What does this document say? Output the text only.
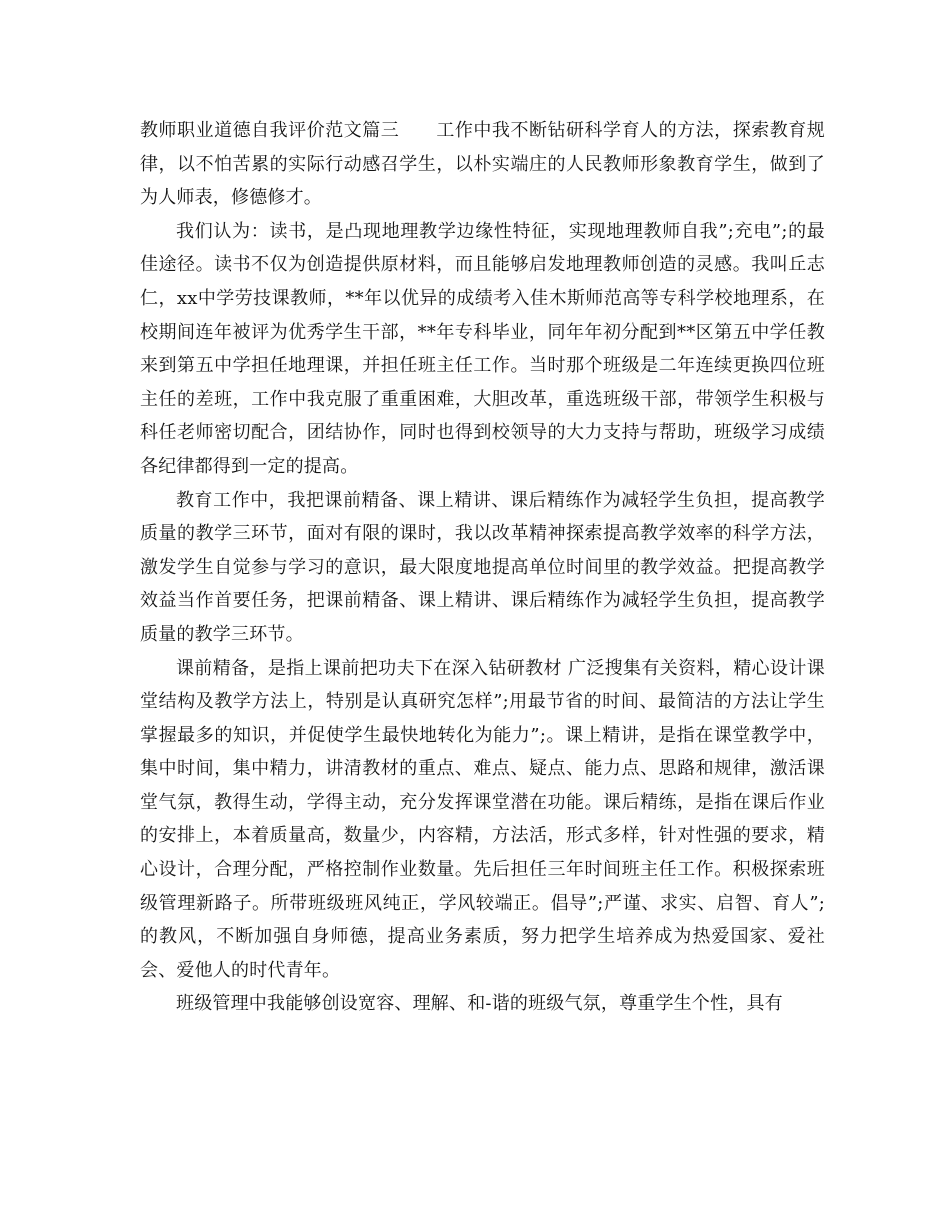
教师职业道德自我评价范文篇三　　工作中我不断钻研科学育人的方法，探索教育规律，以不怕苦累的实际行动感召学生，以朴实端庄的人民教师形象教育学生，做到了为人师表，修德修才。

我们认为：读书，是凸现地理教学边缘性特征，实现地理教师自我”;充电”;的最佳途径。读书不仅为创造提供原材料，而且能够启发地理教师创造的灵感。我叫丘志仁，xx中学劳技课教师，**年以优异的成绩考入佳木斯师范高等专科学校地理系，在校期间连年被评为优秀学生干部，**年专科毕业，同年年初分配到**区第五中学任教来到第五中学担任地理课，并担任班主任工作。当时那个班级是二年连续更换四位班主任的差班，工作中我克服了重重困难，大胆改革，重选班级干部，带领学生积极与科任老师密切配合，团结协作，同时也得到校领导的大力支持与帮助，班级学习成绩各纪律都得到一定的提高。

教育工作中，我把课前精备、课上精讲、课后精练作为减轻学生负担，提高教学质量的教学三环节，面对有限的课时，我以改革精神探索提高教学效率的科学方法，激发学生自觉参与学习的意识，最大限度地提高单位时间里的教学效益。把提高教学效益当作首要任务，把课前精备、课上精讲、课后精练作为减轻学生负担，提高教学质量的教学三环节。

课前精备，是指上课前把功夫下在深入钻研教材 广泛搜集有关资料，精心设计课堂结构及教学方法上，特别是认真研究怎样”;用最节省的时间、最简洁的方法让学生掌握最多的知识，并促使学生最快地转化为能力”;。课上精讲，是指在课堂教学中，集中时间，集中精力，讲清教材的重点、难点、疑点、能力点、思路和规律，激活课堂气氛，教得生动，学得主动，充分发挥课堂潜在功能。课后精练，是指在课后作业的安排上，本着质量高，数量少，内容精，方法活，形式多样，针对性强的要求，精心设计，合理分配，严格控制作业数量。先后担任三年时间班主任工作。积极探索班级管理新路子。所带班级班风纯正，学风较端正。倡导”;严谨、求实、启智、育人”;的教风，不断加强自身师德，提高业务素质，努力把学生培养成为热爱国家、爱社会、爱他人的时代青年。

班级管理中我能够创设宽容、理解、和-谐的班级气氛，尊重学生个性，具有
